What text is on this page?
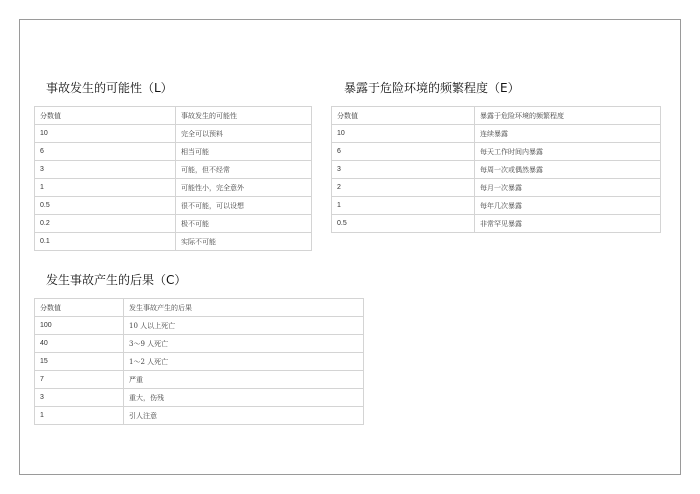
事故发生的可能性（L）
分数值	事故发生的可能性
10	完全可以预料
6	相当可能
3	可能，但不经常
1	可能性小，完全意外
0.5	很不可能，可以设想
0.2	极不可能
0.1	实际不可能
暴露于危险环境的频繁程度（E）
分数值	暴露于危险环境的频繁程度
10	连续暴露
6	每天工作时间内暴露
3	每周一次或偶然暴露
2	每月一次暴露
1	每年几次暴露
0.5	非常罕见暴露
发生事故产生的后果（C）
分数值	发生事故产生的后果
100	10 人以上死亡
40	3～9 人死亡
15	1～2 人死亡
7	严重
3	重大，伤残
1	引人注意
